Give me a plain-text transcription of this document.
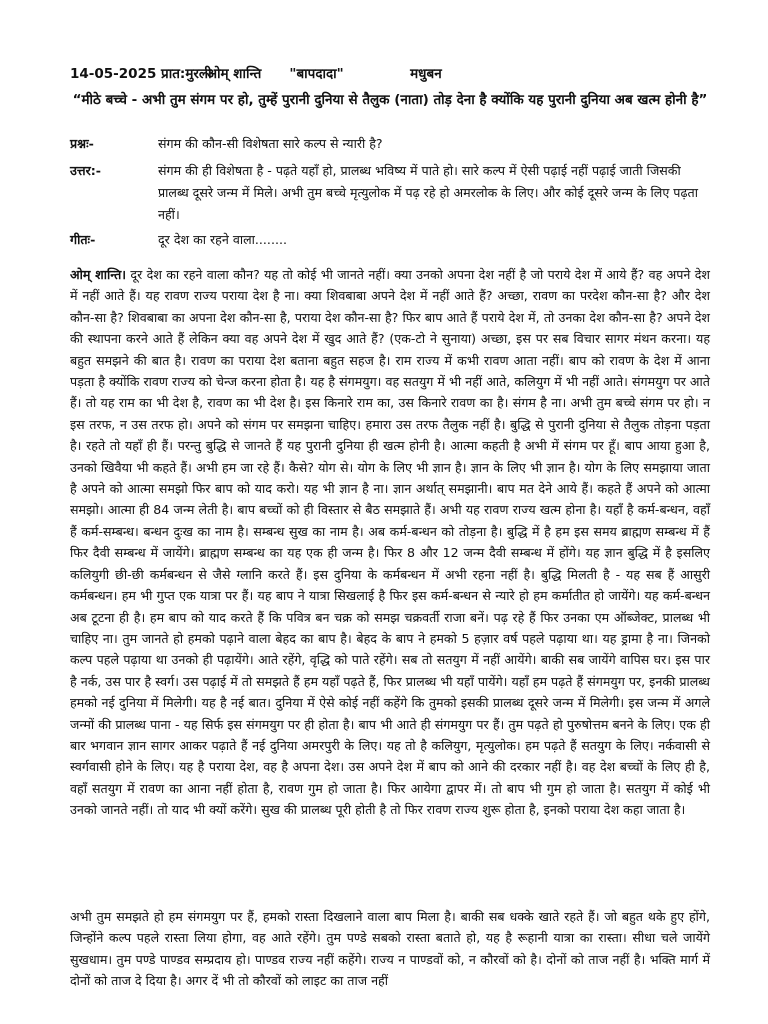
14-05-2025 प्रात:मुरली ओम् शान्ति "बापदादा"	मधुबन
“मीठे बच्चे - अभी तुम संगम पर हो, तुम्हें पुरानी दुनिया से तैलुक (नाता) तोड़ देना है क्योंकि यह पुरानी दुनिया अब खत्म होनी है”
प्रश्नः-	संगम की कौन-सी विशेषता सारे कल्प से न्यारी है?
उत्तर:-	संगम की ही विशेषता है - पढ़ते यहाँ हो, प्रालब्ध भविष्य में पाते हो। सारे कल्प में ऐसी पढ़ाई नहीं पढ़ाई जाती जिसकी प्रालब्ध दूसरे जन्म में मिले। अभी तुम बच्चे मृत्युलोक में पढ़ रहे हो अमरलोक के लिए। और कोई दूसरे जन्म के लिए पढ़ता नहीं।
गीतः-	दूर देश का रहने वाला........
ओम् शान्ति। दूर देश का रहने वाला कौन? यह तो कोई भी जानते नहीं। क्या उनको अपना देश नहीं है जो पराये देश में आये हैं? वह अपने देश में नहीं आते हैं। यह रावण राज्य पराया देश है ना। क्या शिवबाबा अपने देश में नहीं आते हैं? अच्छा, रावण का परदेश कौन-सा है? और देश कौन-सा है? शिवबाबा का अपना देश कौन-सा है, पराया देश कौन-सा है? फिर बाप आते हैं पराये देश में, तो उनका देश कौन-सा है? अपने देश की स्थापना करने आते हैं लेकिन क्या वह अपने देश में खुद आते हैं? (एक-टो ने सुनाया) अच्छा, इस पर सब विचार सागर मंथन करना। यह बहुत समझने की बात है। रावण का पराया देश बताना बहुत सहज है। राम राज्य में कभी रावण आता नहीं। बाप को रावण के देश में आना पड़ता है क्योंकि रावण राज्य को चेन्ज करना होता है। यह है संगमयुग। वह सतयुग में भी नहीं आते, कलियुग में भी नहीं आते। संगमयुग पर आते हैं। तो यह राम का भी देश है, रावण का भी देश है। इस किनारे राम का, उस किनारे रावण का है। संगम है ना। अभी तुम बच्चे संगम पर हो। न इस तरफ, न उस तरफ हो। अपने को संगम पर समझना चाहिए। हमारा उस तरफ तैलुक नहीं है। बुद्धि से पुरानी दुनिया से तैलुक तोड़ना पड़ता है। रहते तो यहाँ ही हैं। परन्तु बुद्धि से जानते हैं यह पुरानी दुनिया ही खत्म होनी है। आत्मा कहती है अभी में संगम पर हूँ। बाप आया हुआ है, उनको खिवैया भी कहते हैं। अभी हम जा रहे हैं। कैसे? योग से। योग के लिए भी ज्ञान है। ज्ञान के लिए भी ज्ञान है। योग के लिए समझाया जाता है अपने को आत्मा समझो फिर बाप को याद करो। यह भी ज्ञान है ना। ज्ञान अर्थात् समझानी। बाप मत देने आये हैं। कहते हैं अपने को आत्मा समझो। आत्मा ही 84 जन्म लेती है। बाप बच्चों को ही विस्तार से बैठ समझाते हैं। अभी यह रावण राज्य खत्म होना है। यहाँ है कर्म-बन्धन, वहाँ हैं कर्म-सम्बन्ध। बन्धन दुःख का नाम है। सम्बन्ध सुख का नाम है। अब कर्म-बन्धन को तोड़ना है। बुद्धि में है हम इस समय ब्राह्मण सम्बन्ध में हैं फिर दैवी सम्बन्ध में जायेंगे। ब्राह्मण सम्बन्ध का यह एक ही जन्म है। फिर 8 और 12 जन्म दैवी सम्बन्ध में होंगे। यह ज्ञान बुद्धि में है इसलिए कलियुगी छी-छी कर्मबन्धन से जैसे ग्लानि करते हैं। इस दुनिया के कर्मबन्धन में अभी रहना नहीं है। बुद्धि मिलती है - यह सब हैं आसुरी कर्मबन्धन। हम भी गुप्त एक यात्रा पर हैं। यह बाप ने यात्रा सिखलाई है फिर इस कर्म-बन्धन से न्यारे हो हम कर्मातीत हो जायेंगे। यह कर्म-बन्धन अब टूटना ही है। हम बाप को याद करते हैं कि पवित्र बन चक्र को समझ चक्रवर्ती राजा बनें। पढ़ रहे हैं फिर उनका एम ऑब्जेक्ट, प्रालब्ध भी चाहिए ना। तुम जानते हो हमको पढ़ाने वाला बेहद का बाप है। बेहद के बाप ने हमको 5 हज़ार वर्ष पहले पढ़ाया था। यह ड्रामा है ना। जिनको कल्प पहले पढ़ाया था उनको ही पढ़ायेंगे। आते रहेंगे, वृद्धि को पाते रहेंगे। सब तो सतयुग में नहीं आयेंगे। बाकी सब जायेंगे वापिस घर। इस पार है नर्क, उस पार है स्वर्ग। उस पढ़ाई में तो समझते हैं हम यहाँ पढ़ते हैं, फिर प्रालब्ध भी यहाँ पायेंगे। यहाँ हम पढ़ते हैं संगमयुग पर, इनकी प्रालब्ध हमको नई दुनिया में मिलेगी। यह है नई बात। दुनिया में ऐसे कोई नहीं कहेंगे कि तुमको इसकी प्रालब्ध दूसरे जन्म में मिलेगी। इस जन्म में अगले जन्मों की प्रालब्ध पाना - यह सिर्फ इस संगमयुग पर ही होता है। बाप भी आते ही संगमयुग पर हैं। तुम पढ़ते हो पुरुषोत्तम बनने के लिए। एक ही बार भगवान ज्ञान सागर आकर पढ़ाते हैं नई दुनिया अमरपुरी के लिए। यह तो है कलियुग, मृत्युलोक। हम पढ़ते हैं सतयुग के लिए। नर्कवासी से स्वर्गवासी होने के लिए। यह है पराया देश, वह है अपना देश। उस अपने देश में बाप को आने की दरकार नहीं है। वह देश बच्चों के लिए ही है, वहाँ सतयुग में रावण का आना नहीं होता है, रावण गुम हो जाता है। फिर आयेगा द्वापर में। तो बाप भी गुम हो जाता है। सतयुग में कोई भी उनको जानते नहीं। तो याद भी क्यों करेंगे। सुख की प्रालब्ध पूरी होती है तो फिर रावण राज्य शुरू होता है, इनको पराया देश कहा जाता है।
अभी तुम समझते हो हम संगमयुग पर हैं, हमको रास्ता दिखलाने वाला बाप मिला है। बाकी सब धक्के खाते रहते हैं। जो बहुत थके हुए होंगे, जिन्होंने कल्प पहले रास्ता लिया होगा, वह आते रहेंगे। तुम पण्डे सबको रास्ता बताते हो, यह है रूहानी यात्रा का रास्ता। सीधा चले जायेंगे सुखधाम। तुम पण्डे पाण्डव सम्प्रदाय हो। पाण्डव राज्य नहीं कहेंगे। राज्य न पाण्डवों को, न कौरवों को है। दोनों को ताज नहीं है। भक्ति मार्ग में दोनों को ताज दे दिया है। अगर दें भी तो कौरवों को लाइट का ताज नहीं
